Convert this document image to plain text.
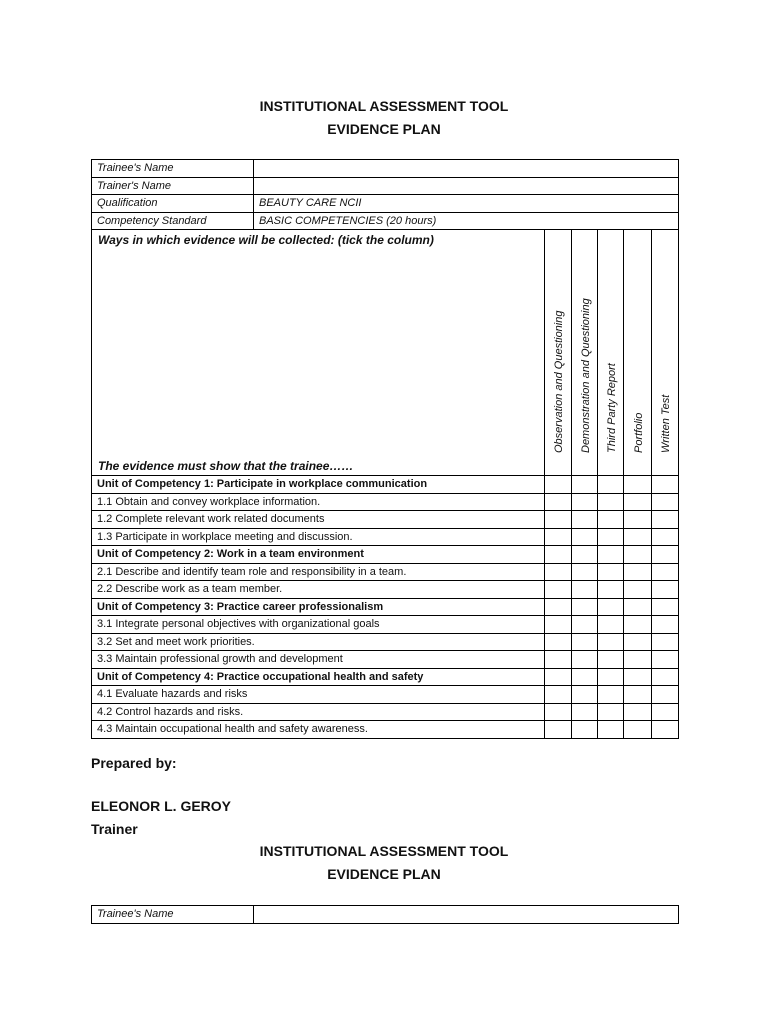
INSTITUTIONAL ASSESSMENT TOOL
EVIDENCE PLAN
Trainee's Name						
Trainer's Name						
Qualification	BEAUTY CARE NCII					
Competency Standard	BASIC COMPETENCIES (20 hours)					

Ways in which evidence will be collected: (tick the column)
The evidence must show that the trainee……		Observation and Questioning	Demonstration and Questioning	Third Party Report	Portfolio	Written Test

Unit of Competency 1: Participate in workplace communication						
1.1 Obtain and convey workplace information.						
1.2 Complete relevant work related documents						
1.3 Participate in workplace meeting and discussion.						
Unit of Competency 2: Work in a team environment						
2.1 Describe and identify team role and responsibility in a team.						
2.2 Describe work as a team member.						
Unit of Competency 3: Practice career professionalism						
3.1 Integrate personal objectives with organizational goals						
3.2 Set and meet work priorities.						
3.3 Maintain professional growth and development						
Unit of Competency 4: Practice occupational health and safety						
4.1 Evaluate hazards and risks						
4.2 Control hazards and risks.						
4.3 Maintain occupational health and safety awareness.						
Prepared by:
ELEONOR L. GEROY
Trainer
INSTITUTIONAL ASSESSMENT TOOL
EVIDENCE PLAN
Trainee's Name	
